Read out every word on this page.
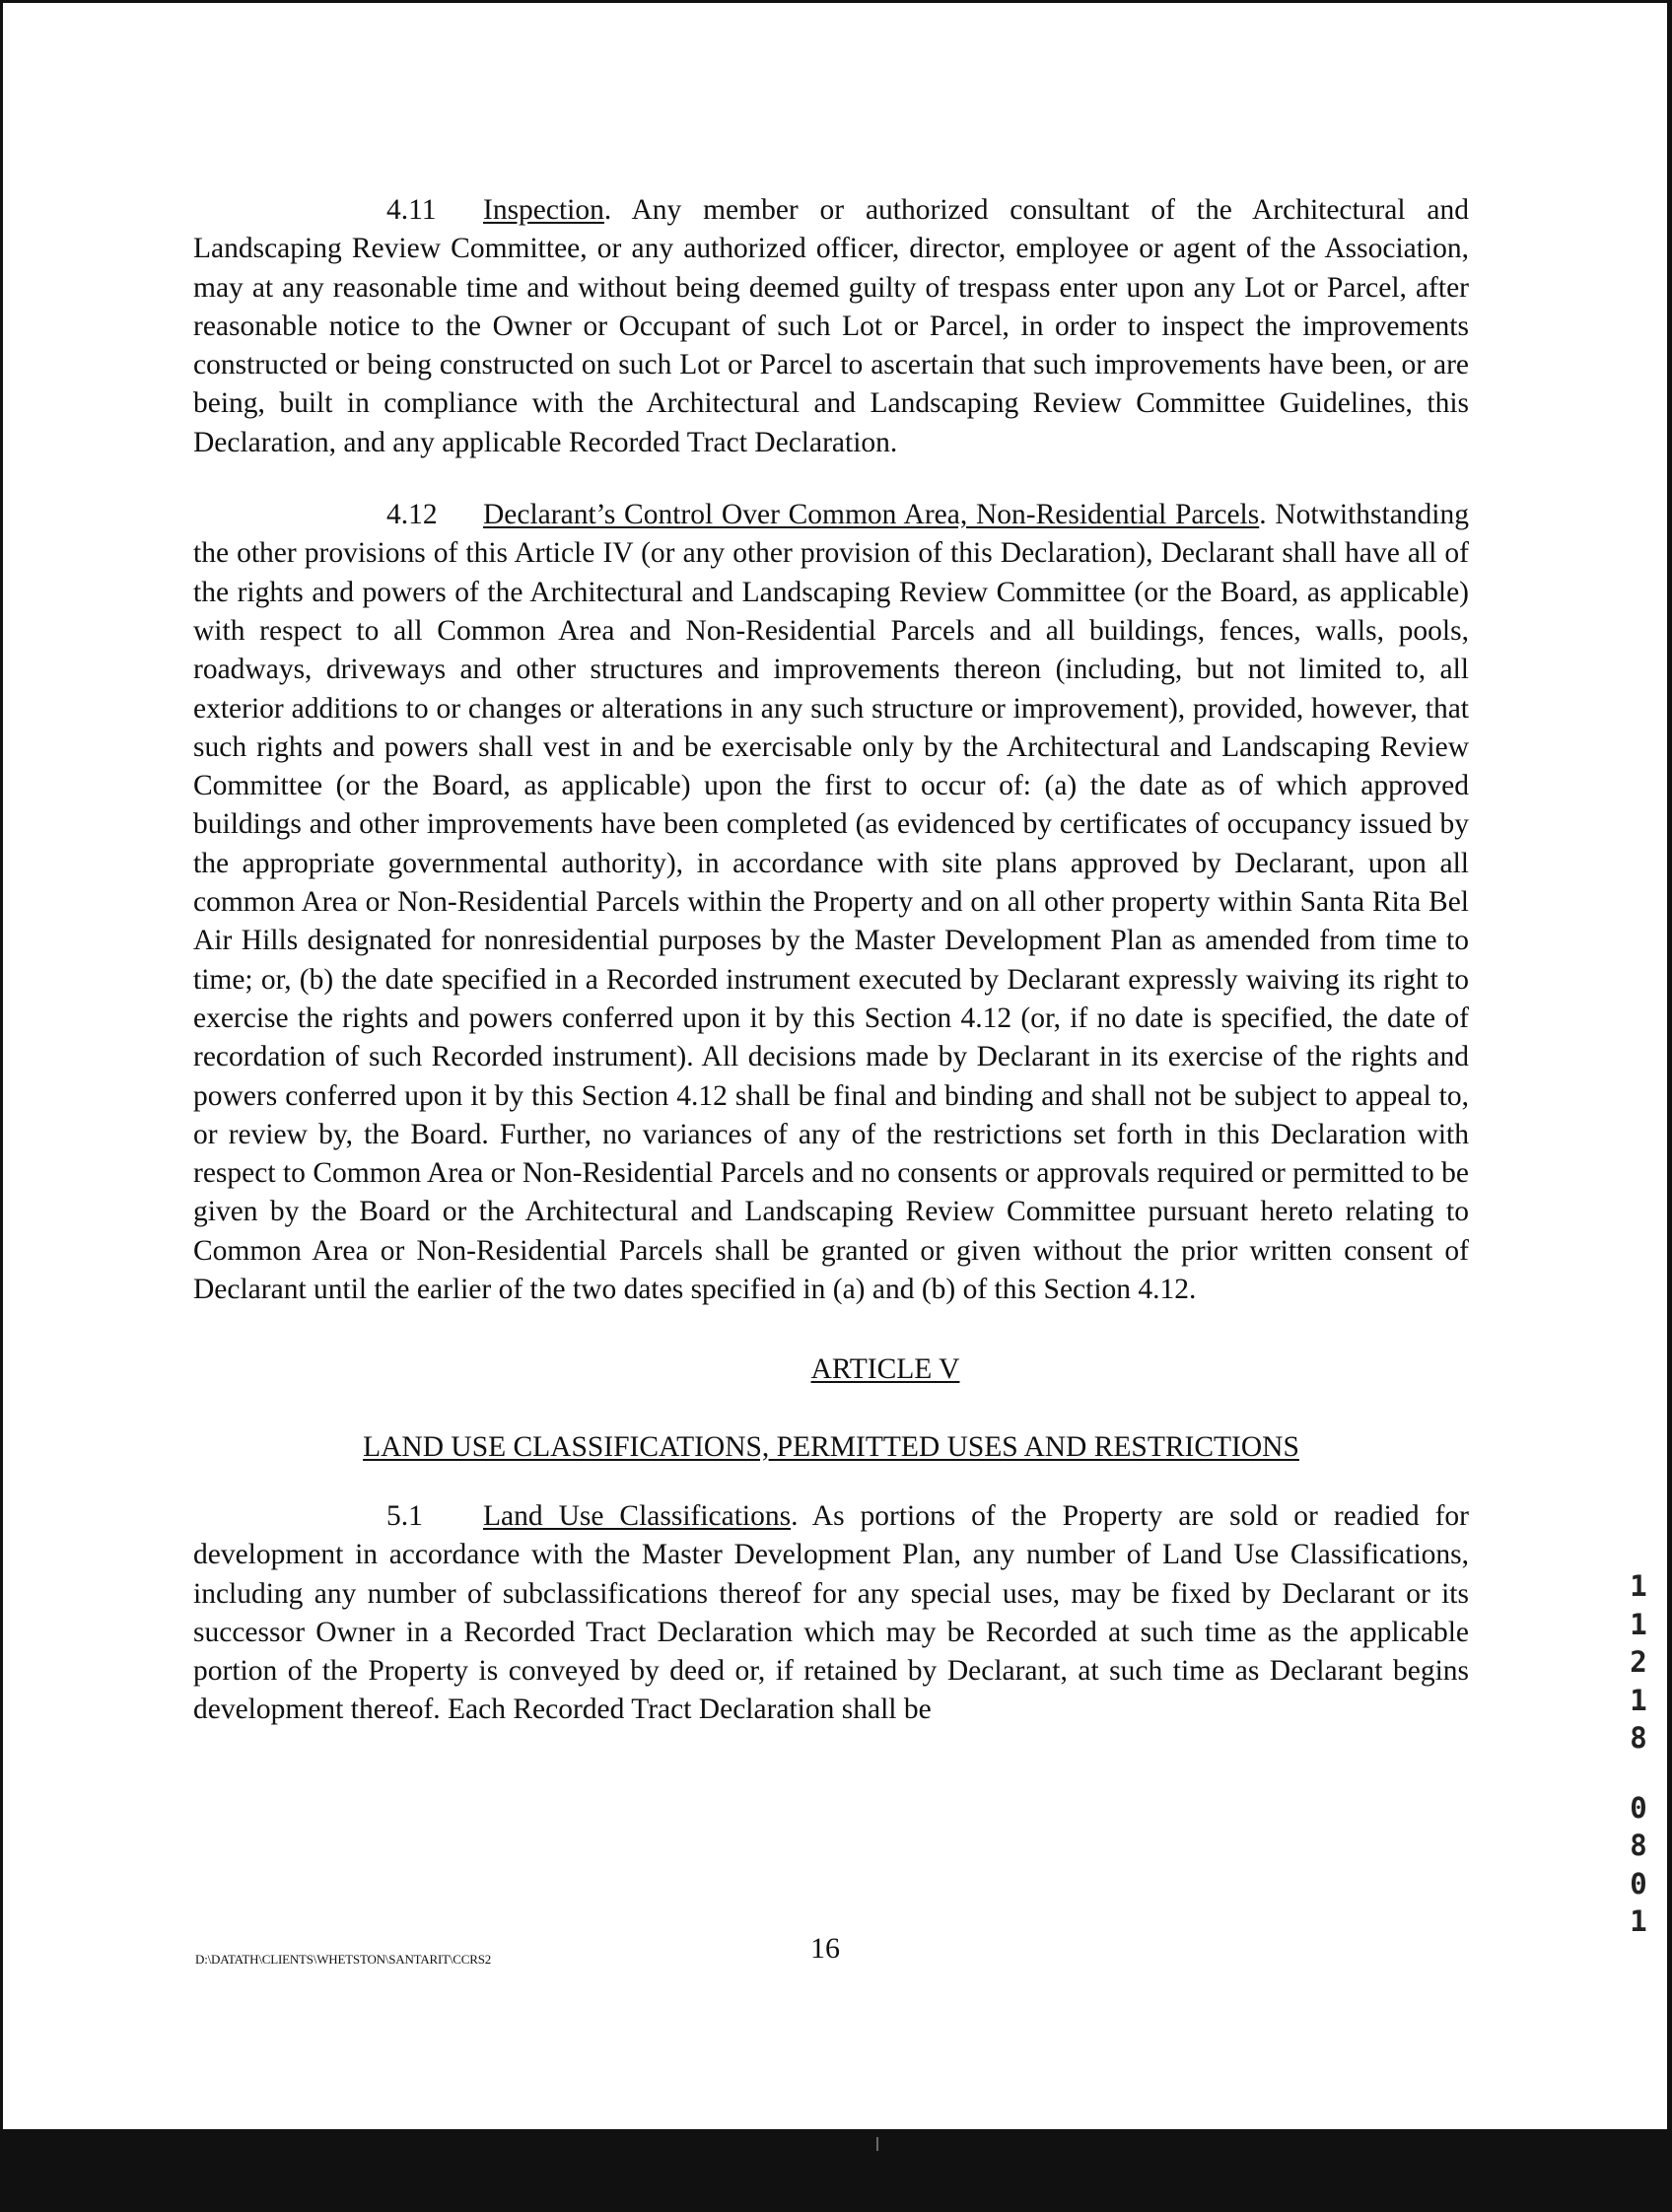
4.11 Inspection. Any member or authorized consultant of the Architectural and Landscaping Review Committee, or any authorized officer, director, employee or agent of the Association, may at any reasonable time and without being deemed guilty of trespass enter upon any Lot or Parcel, after reasonable notice to the Owner or Occupant of such Lot or Parcel, in order to inspect the improvements constructed or being constructed on such Lot or Parcel to ascertain that such improvements have been, or are being, built in compliance with the Architectural and Landscaping Review Committee Guidelines, this Declaration, and any applicable Recorded Tract Declaration.

4.12 Declarant’s Control Over Common Area, Non-Residential Parcels. Notwithstanding the other provisions of this Article IV (or any other provision of this Declaration), Declarant shall have all of the rights and powers of the Architectural and Landscaping Review Committee (or the Board, as applicable) with respect to all Common Area and Non-Residential Parcels and all buildings, fences, walls, pools, roadways, driveways and other structures and improvements thereon (including, but not limited to, all exterior additions to or changes or alterations in any such structure or improvement), provided, however, that such rights and powers shall vest in and be exercisable only by the Architectural and Landscaping Review Committee (or the Board, as applicable) upon the first to occur of: (a) the date as of which approved buildings and other improvements have been completed (as evidenced by certificates of occupancy issued by the appropriate governmental authority), in accordance with site plans approved by Declarant, upon all common Area or Non-Residential Parcels within the Property and on all other property within Santa Rita Bel Air Hills designated for nonresidential purposes by the Master Development Plan as amended from time to time; or, (b) the date specified in a Recorded instrument executed by Declarant expressly waiving its right to exercise the rights and powers conferred upon it by this Section 4.12 (or, if no date is specified, the date of recordation of such Recorded instrument). All decisions made by Declarant in its exercise of the rights and powers conferred upon it by this Section 4.12 shall be final and binding and shall not be subject to appeal to, or review by, the Board. Further, no variances of any of the restrictions set forth in this Declaration with respect to Common Area or Non-Residential Parcels and no consents or approvals required or permitted to be given by the Board or the Architectural and Landscaping Review Committee pursuant hereto relating to Common Area or Non-Residential Parcels shall be granted or given without the prior written consent of Declarant until the earlier of the two dates specified in (a) and (b) of this Section 4.12.

ARTICLE V
LAND USE CLASSIFICATIONS, PERMITTED USES AND RESTRICTIONS

5.1 Land Use Classifications. As portions of the Property are sold or readied for development in accordance with the Master Development Plan, any number of Land Use Classifications, including any number of subclassifications thereof for any special uses, may be fixed by Declarant or its successor Owner in a Recorded Tract Declaration which may be Recorded at such time as the applicable portion of the Property is conveyed by deed or, if retained by Declarant, at such time as Declarant begins development thereof. Each Recorded Tract Declaration shall be

D:\DATATH\CLIENTS\WHETSTON\SANTARIT\CCRS2	16
1
1
2
1
8
0
8
0
1
